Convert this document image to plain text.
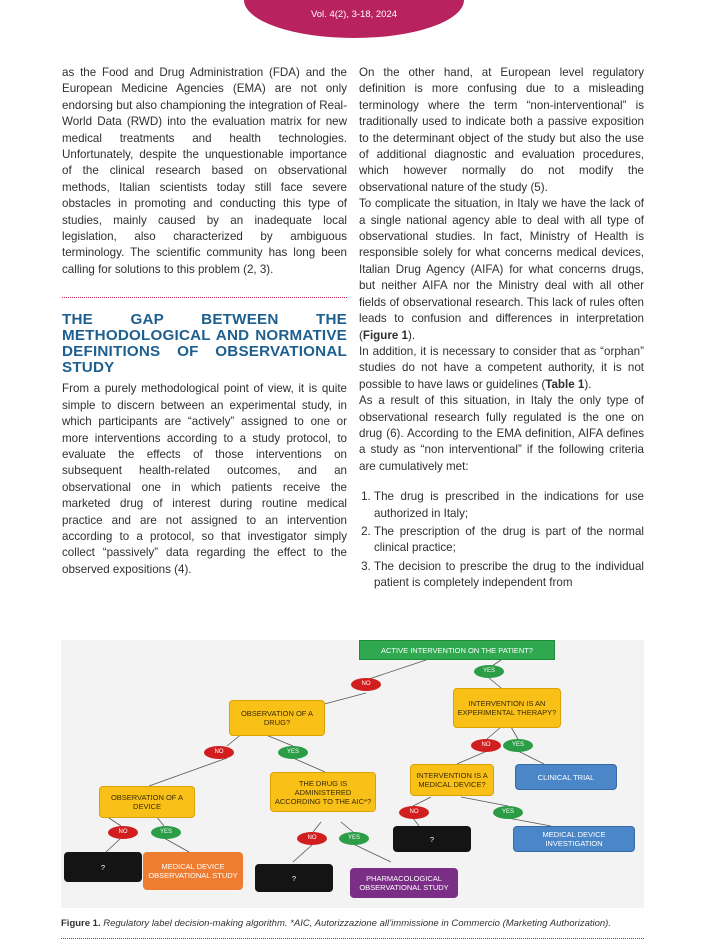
Vol. 4(2), 3-18, 2024

as the Food and Drug Administration (FDA) and the European Medicine Agencies (EMA) are not only endorsing but also championing the integration of Real-World Data (RWD) into the evaluation matrix for new medical treatments and health technologies. Unfortunately, despite the unquestionable importance of the clinical research based on observational methods, Italian scientists today still face severe obstacles in promoting and conducting this type of studies, mainly caused by an inadequate local legislation, also characterized by ambiguous terminology. The scientific community has long been calling for solutions to this problem (2, 3).

THE GAP BETWEEN THE METHODOLOGICAL AND NORMATIVE DEFINITIONS OF OBSERVATIONAL STUDY

From a purely methodological point of view, it is quite simple to discern between an experimental study, in which participants are “actively” assigned to one or more interventions according to a study protocol, to evaluate the effects of those interventions on subsequent health-related outcomes, and an observational one in which patients receive the marketed drug of interest during routine medical practice and are not assigned to an intervention according to a protocol, so that investigator simply collect “passively” data regarding the effect to the observed expositions (4).

On the other hand, at European level regulatory definition is more confusing due to a misleading terminology where the term “non-interventional” is traditionally used to indicate both a passive exposition to the determinant object of the study but also the use of additional diagnostic and evaluation procedures, which however normally do not modify the observational nature of the study (5).

To complicate the situation, in Italy we have the lack of a single national agency able to deal with all type of observational studies. In fact, Ministry of Health is responsible solely for what concerns medical devices, Italian Drug Agency (AIFA) for what concerns drugs, but neither AIFA nor the Ministry deal with all other fields of observational research. This lack of rules often leads to confusion and differences in interpretation (Figure 1).

In addition, it is necessary to consider that as “orphan” studies do not have a competent authority, it is not possible to have laws or guidelines (Table 1).

As a result of this situation, in Italy the only type of observational research fully regulated is the one on drug (6). According to the EMA definition, AIFA defines a study as “non interventional” if the following criteria are cumulatively met:

1. The drug is prescribed in the indications for use authorized in Italy;
2. The prescription of the drug is part of the normal clinical practice;
3. The decision to prescribe the drug to the individual patient is completely independent from
ACTIVE INTERVENTION ON THE PATIENT?
NO
YES
OBSERVATION OF A DRUG?
INTERVENTION IS AN EXPERIMENTAL THERAPY?
NO	YES
NO	YES
OBSERVATION OF A DEVICE
THE DRUG IS ADMINISTERED ACCORDING TO THE AIC*?
INTERVENTION IS A MEDICAL DEVICE?
CLINICAL TRIAL
NO	YES
NO	YES
NO	YES
?	MEDICAL DEVICE OBSERVATIONAL STUDY	?	PHARMACOLOGICAL OBSERVATIONAL STUDY
?	MEDICAL DEVICE INVESTIGATION
Figure 1. Regulatory label decision-making algorithm. *AIC, Autorizzazione all’immissione in Commercio (Marketing Authorization).
